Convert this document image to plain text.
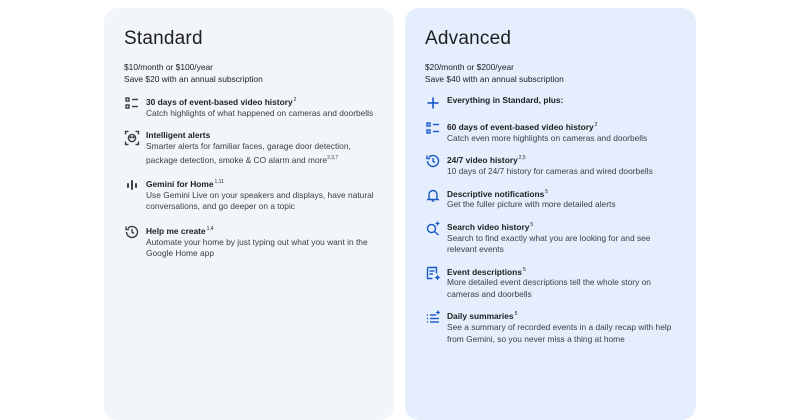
Standard
$10/month or $100/year
Save $20 with an annual subscription
30 days of event-based video history$^2$
Catch highlights of what happened on cameras and doorbells
Intelligent alerts
Smarter alerts for familiar faces, garage door detection, package detection, smoke & CO alarm and more$^{2,3,7}$
Gemini for Home$^{1,11}$
Use Gemini Live on your speakers and displays, have natural conversations, and go deeper on a topic
Help me create$^{1,4}$
Automate your home by just typing out what you want in the Google Home app
Advanced
$20/month or $200/year
Save $40 with an annual subscription
Everything in Standard, plus:
60 days of event-based video history$^2$
Catch even more highlights on cameras and doorbells
24/7 video history$^{2,5}$
10 days of 24/7 history for cameras and wired doorbells
Descriptive notifications$^5$
Get the fuller picture with more detailed alerts
Search video history$^5$
Search to find exactly what you are looking for and see relevant events
Event descriptions$^5$
More detailed event descriptions tell the whole story on cameras and doorbells
Daily summaries$^5$
See a summary of recorded events in a daily recap with help from Gemini, so you never miss a thing at home
